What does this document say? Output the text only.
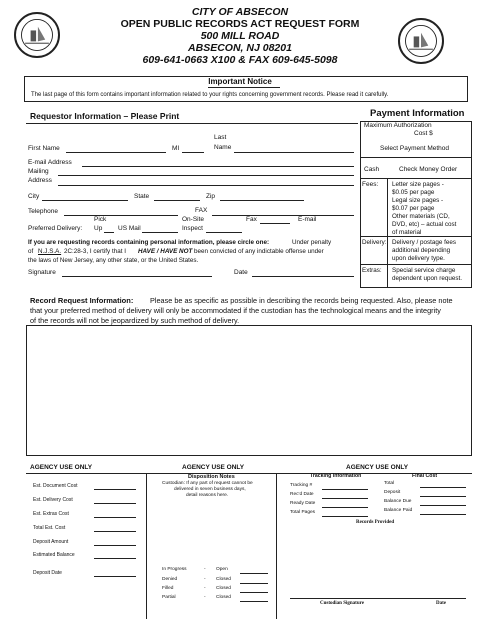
CITY OF ABSECON
OPEN PUBLIC RECORDS ACT REQUEST FORM
500 MILL ROAD
ABSECON, NJ 08201
609-641-0663 X100 & FAX 609-645-5098
Important Notice
The last page of this form contains important information related to your rights concerning government records. Please read it carefully.
Requestor Information – Please Print	Payment Information
Maximum Authorization
Cost $
Select Payment Method
Cash	Check Money Order
Fees: Letter size pages -
$0.05 per page
Legal size pages -
$0.07 per page
Other materials (CD,
DVD, etc) – actual cost
of material
Delivery: Delivery / postage fees
additional depending
upon delivery type.
Extras: Special service charge
dependent upon request.
Last
First Name	MI	Name
E-mail Address
Mailing
Address
City	State	Zip
Telephone	FAX
Pick	On-Site	Fax	E-mail
Preferred Delivery: Up US Mail	Inspect
If you are requesting records containing personal information, please circle one:	Under penalty
of N.J.S.A. 2C:28-3, I certify that I HAVE / HAVE NOT been convicted of any indictable offense under
the laws of New Jersey, any other state, or the United States.
Signature	Date
Record Request Information: Please be as specific as possible in describing the records being requested. Also, please note
that your preferred method of delivery will only be accommodated if the custodian has the technological means and the integrity
of the records will not be jeopardized by such method of delivery.
AGENCY USE ONLY
Est. Document Cost
Est. Delivery Cost
Est. Extras Cost
Total Est. Cost
Deposit Amount
Estimated Balance
Deposit Date
AGENCY USE ONLY
Disposition Notes
Custodian: If any part of request cannot be
delivered in seven business days,
detail reasons here.
In Progress	- Open
Denied	- Closed
Filled	- Closed
Partial	- Closed
AGENCY USE ONLY
Tracking Information	Final Cost
Tracking #
Rec'd Date
Ready Date
Total Pages
Total
Deposit
Balance Due
Balance Paid
Records Provided
Custodian Signature	Date
